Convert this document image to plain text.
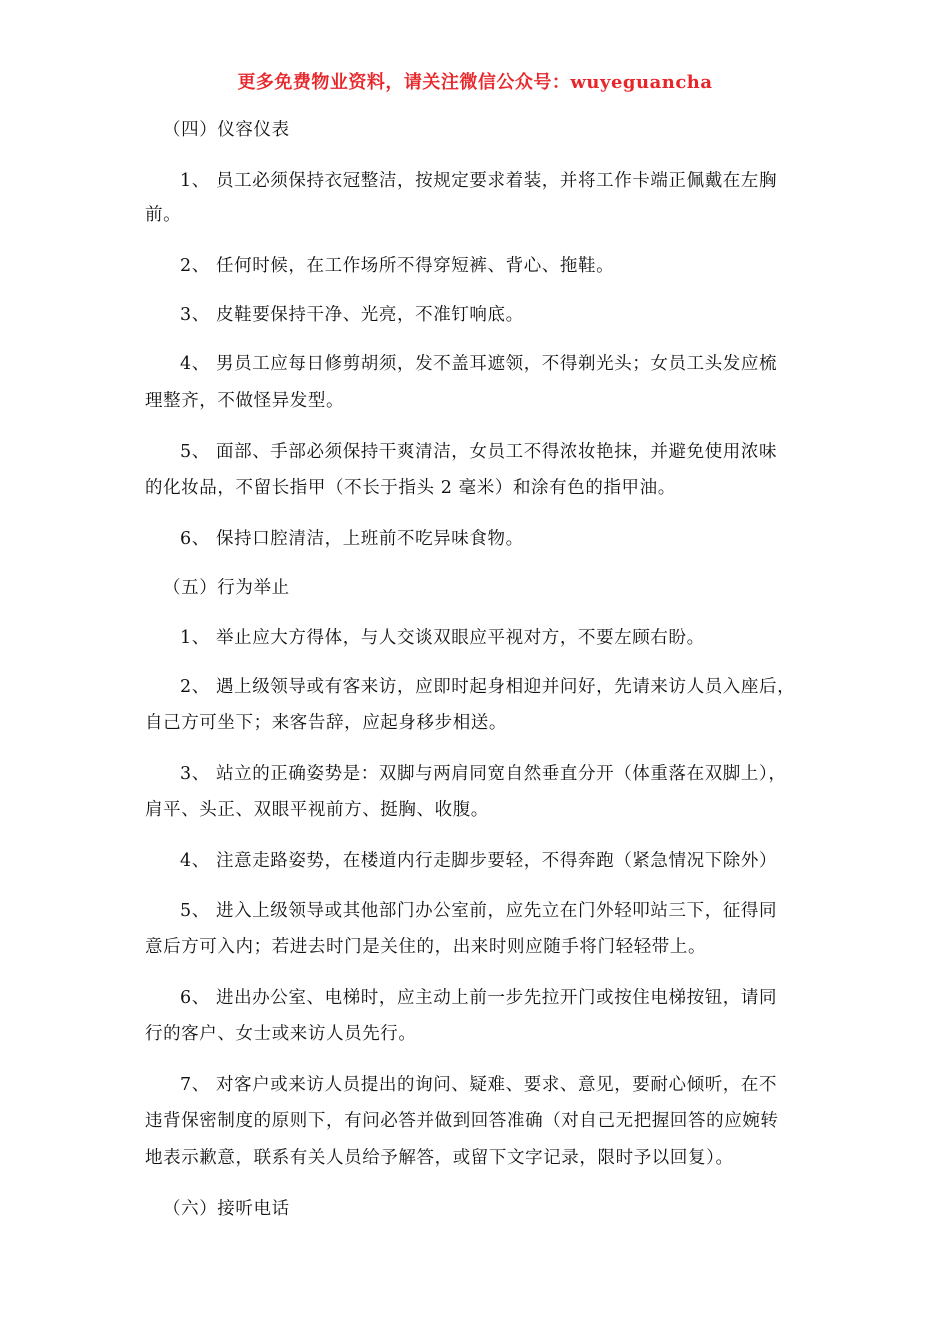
更多免费物业资料，请关注微信公众号：wuyeguancha
（四）仪容仪表
1、 员工必须保持衣冠整洁，按规定要求着装，并将工作卡端正佩戴在左胸
前。
2、 任何时候，在工作场所不得穿短裤、背心、拖鞋。
3、 皮鞋要保持干净、光亮，不准钉响底。
4、 男员工应每日修剪胡须，发不盖耳遮领，不得剃光头；女员工头发应梳
理整齐，不做怪异发型。
5、 面部、手部必须保持干爽清洁，女员工不得浓妆艳抹，并避免使用浓味
的化妆品，不留长指甲（不长于指头 2 毫米）和涂有色的指甲油。
6、 保持口腔清洁，上班前不吃异味食物。
（五）行为举止
1、 举止应大方得体，与人交谈双眼应平视对方，不要左顾右盼。
2、 遇上级领导或有客来访，应即时起身相迎并问好，先请来访人员入座后，
自己方可坐下；来客告辞，应起身移步相送。
3、 站立的正确姿势是：双脚与两肩同宽自然垂直分开（体重落在双脚上），
肩平、头正、双眼平视前方、挺胸、收腹。
4、 注意走路姿势，在楼道内行走脚步要轻，不得奔跑（紧急情况下除外）
5、 进入上级领导或其他部门办公室前，应先立在门外轻叩站三下，征得同
意后方可入内；若进去时门是关住的，出来时则应随手将门轻轻带上。
6、 进出办公室、电梯时，应主动上前一步先拉开门或按住电梯按钮，请同
行的客户、女士或来访人员先行。
7、 对客户或来访人员提出的询问、疑难、要求、意见，要耐心倾听，在不
违背保密制度的原则下，有问必答并做到回答准确（对自己无把握回答的应婉转
地表示歉意，联系有关人员给予解答，或留下文字记录，限时予以回复）。
（六）接听电话
